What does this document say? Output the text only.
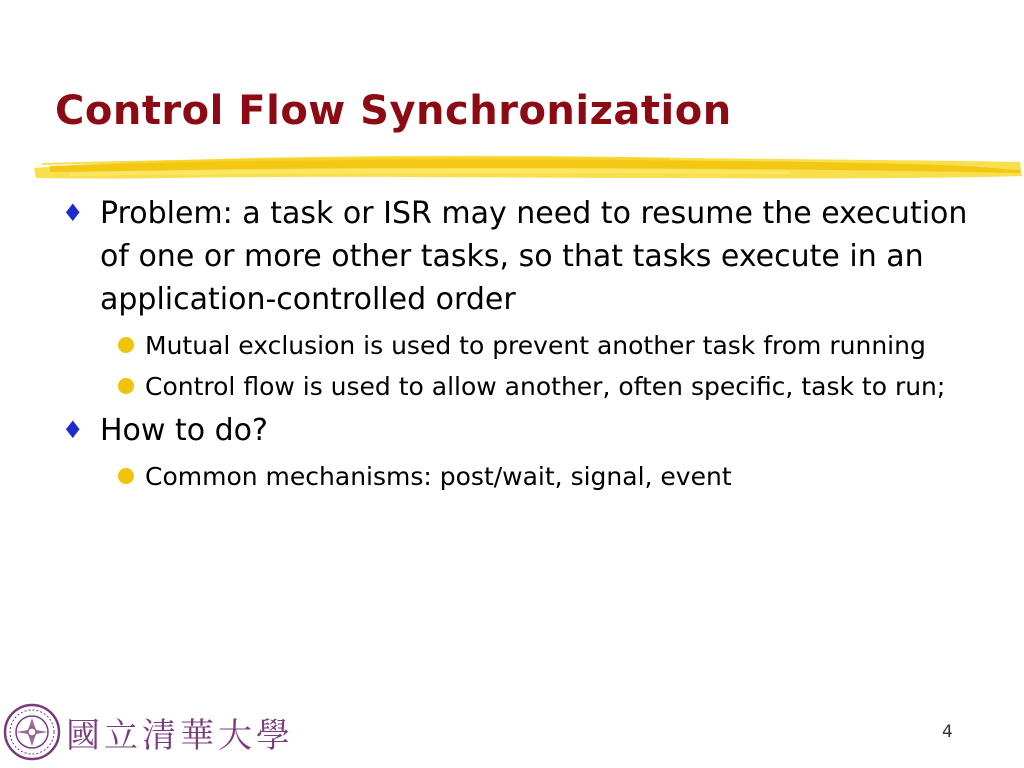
Control Flow Synchronization
♦ Problem: a task or ISR may need to resume the execution of one or more other tasks, so that tasks execute in an application-controlled order
Mutual exclusion is used to prevent another task from running
Control flow is used to allow another, often specific, task to run;
♦ How to do?
Common mechanisms: post/wait, signal, event
國立清華大學	4
